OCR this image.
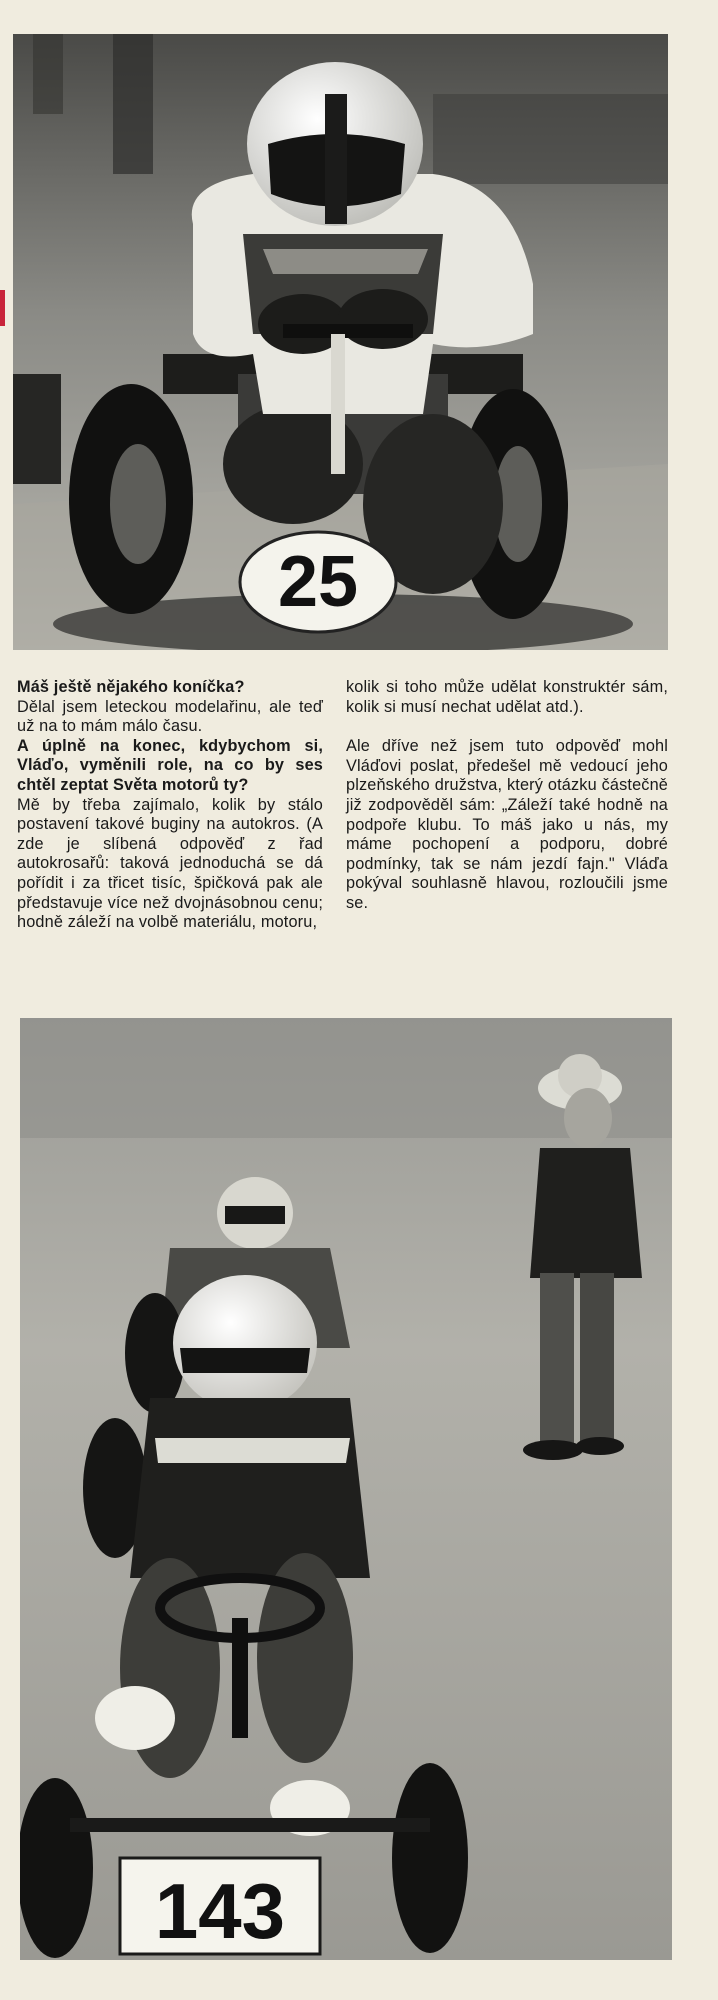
25

Máš ještě nějakého koníčka?

Dělal jsem leteckou modelařinu, ale teď už na to mám málo času.

A úplně na konec, kdybychom si, Vláďo, vyměnili role, na co by ses chtěl zeptat Světa motorů ty?

Mě by třeba zajímalo, kolik by stálo postavení takové buginy na autokros. (A zde je slíbená odpověď z řad autokrosařů: taková jednoduchá se dá pořídit i za třicet tisíc, špičková pak ale představuje více než dvojnásobnou cenu; hodně záleží na volbě materiálu, motoru,

kolik si toho může udělat konstruktér sám, kolik si musí nechat udělat atd.).

Ale dříve než jsem tuto odpověď mohl Vláďovi poslat, předešel mě vedoucí jeho plzeňského družstva, který otázku částečně již zodpověděl sám: „Záleží také hodně na podpoře klubu. To máš jako u nás, my máme pochopení a podporu, dobré podmínky, tak se nám jezdí fajn." Vláďa pokýval souhlasně hlavou, rozloučili jsme se.

143
